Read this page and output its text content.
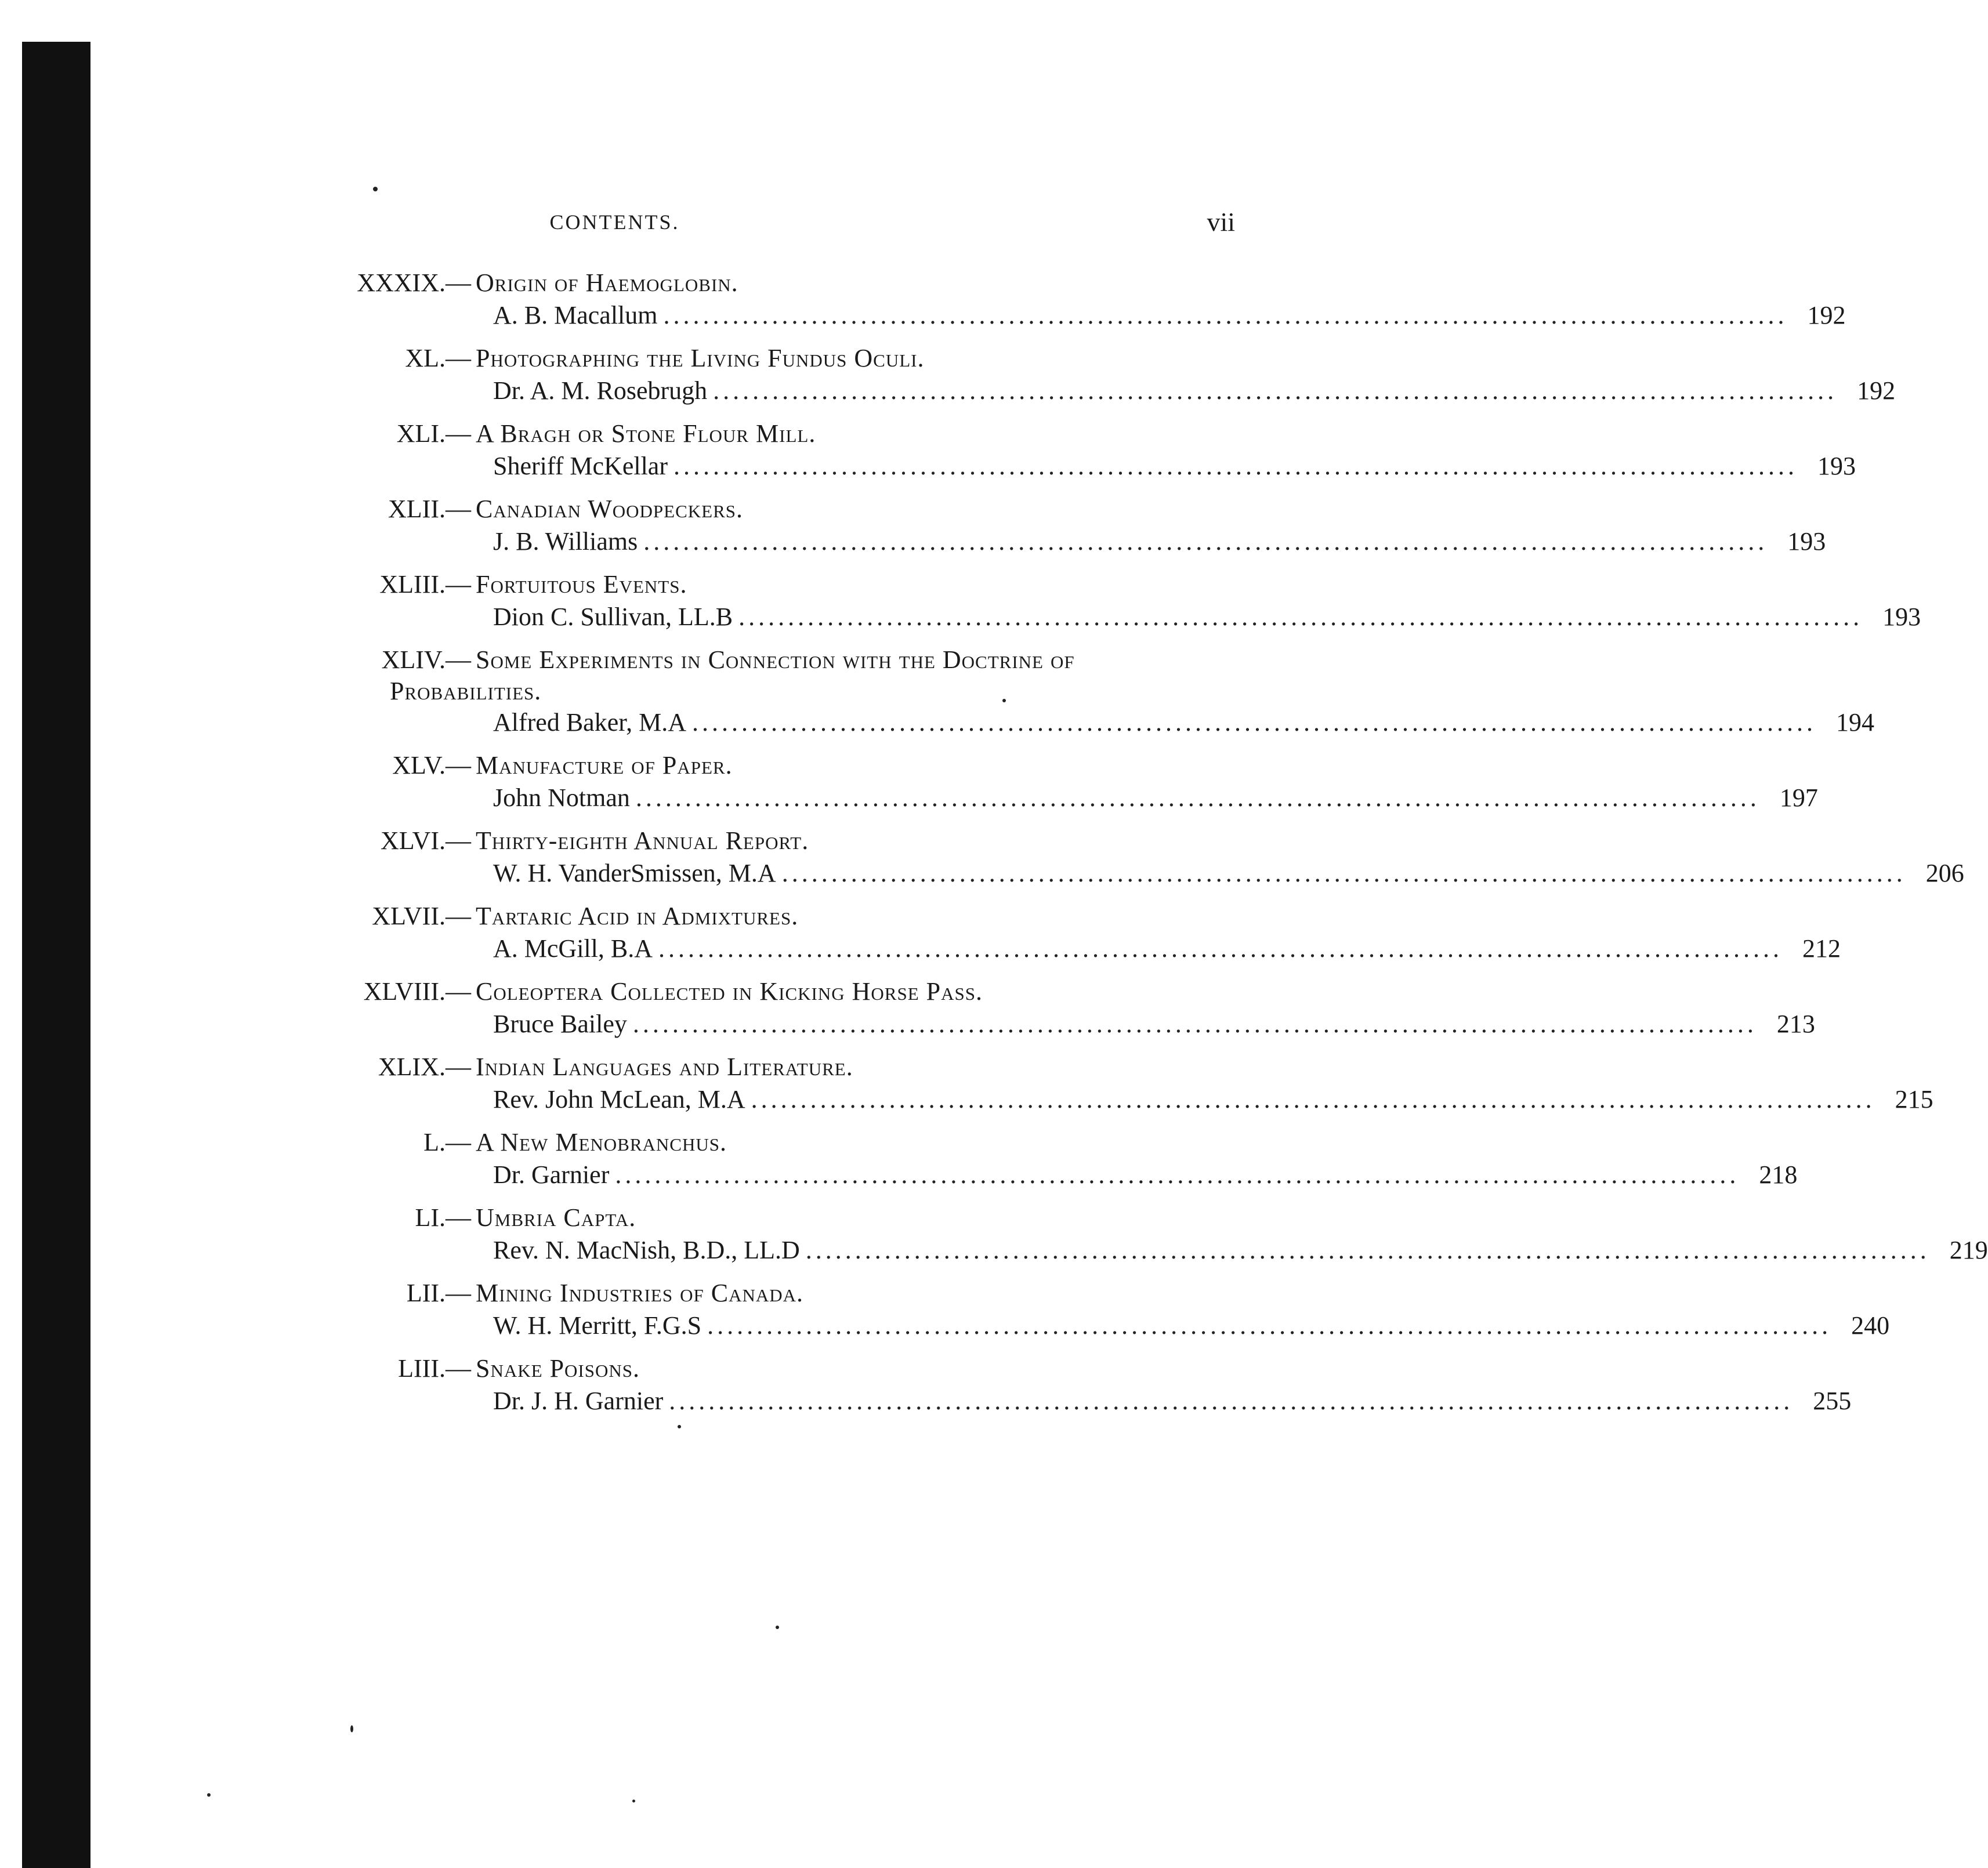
CONTENTS.	vii
XXXIX.— Origin of Haemoglobin.
A. B. Macallum .................................................................................................................. 192
XL.— Photographing the Living Fundus Oculi.
Dr. A. M. Rosebrugh .................................................................................................................. 192
XLI.— A Bragh or Stone Flour Mill.
Sheriff McKellar .................................................................................................................. 193
XLII.— Canadian Woodpeckers.
J. B. Williams .................................................................................................................. 193
XLIII.— Fortuitous Events.
Dion C. Sullivan, LL.B .................................................................................................................. 193
XLIV.— Some Experiments in Connection with the Doctrine of
Probabilities.
Alfred Baker, M.A .................................................................................................................. 194
XLV.— Manufacture of Paper.
John Notman .................................................................................................................. 197
XLVI.— Thirty-eighth Annual Report.
W. H. VanderSmissen, M.A .................................................................................................................. 206
XLVII.— Tartaric Acid in Admixtures.
A. McGill, B.A .................................................................................................................. 212
XLVIII.— Coleoptera Collected in Kicking Horse Pass.
Bruce Bailey .................................................................................................................. 213
XLIX.— Indian Languages and Literature.
Rev. John McLean, M.A .................................................................................................................. 215
L.— A New Menobranchus.
Dr. Garnier .................................................................................................................. 218
LI.— Umbria Capta.
Rev. N. MacNish, B.D., LL.D .................................................................................................................. 219
LII.— Mining Industries of Canada.
W. H. Merritt, F.G.S .................................................................................................................. 240
LIII.— Snake Poisons.
Dr. J. H. Garnier .................................................................................................................. 255
